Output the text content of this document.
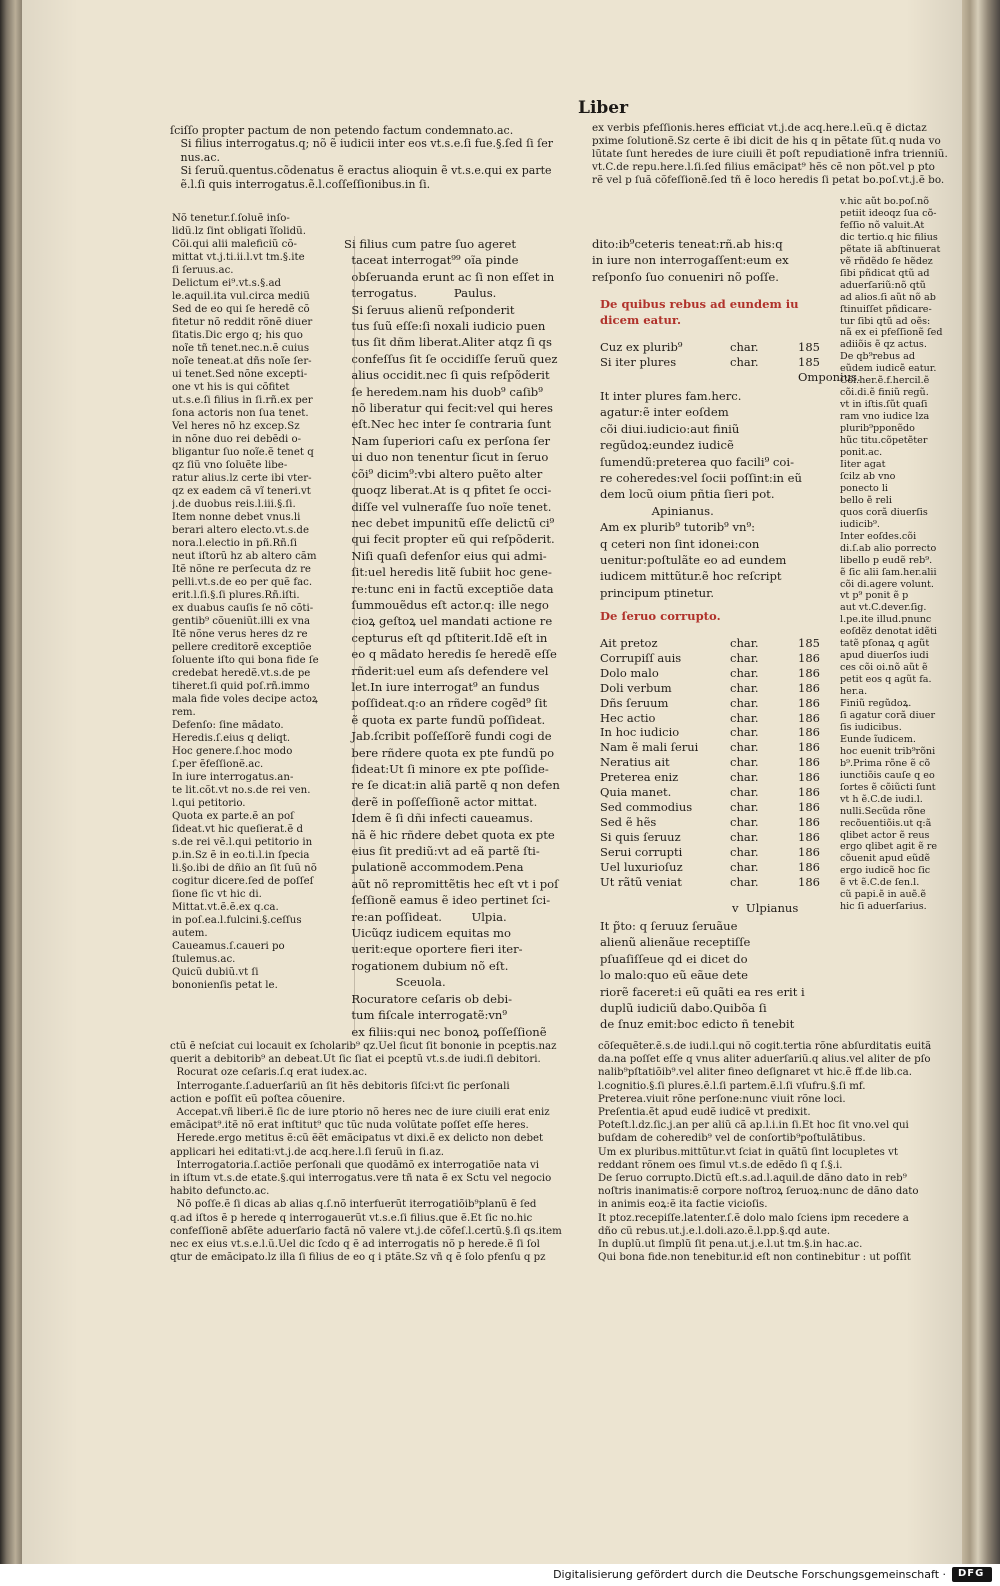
Liber
ſciſſo propter pactum de non petendo factum condemnato.ac.
Si filius interrogatus.q; nõ ẽ iudicii inter eos vt.s.e.ſi fue.§.ſed ſi ſer
nus.ac.
Si ſeruũ.quentus.cõdenatus ẽ eractus alioquin ẽ vt.s.e.qui ex parte
ẽ.l.ſi quis interrogatus.ẽ.l.coſſeſſionibus.in ſi.
Nõ tenetur.ſ.ſoluẽ inſo-
lidũ.lz ſint obligati ĩſolidũ.
Cõi.qui alii maleficiũ cõ-
mittat vt.j.ti.ii.l.vt tm.§.ite
ſi ſeruus.ac.
Delictum ei⁹.vt.s.§.ad
le.aquil.ita vul.circa mediũ
Sed de eo qui ſe heredẽ cõ
fitetur nõ reddit rõnẽ diuer
ſitatis.Dic ergo q; his quo
noĩe tñ tenet.nec.n.ẽ cuius
noĩe teneat.at dñs noĩe ſer-
ui tenet.Sed nõne excepti-
one vt his is qui cõfitet
ut.s.e.ſi filius in ſi.rñ.ex per
ſona actoris non ſua tenet.
Vel heres nõ hz excep.Sz
in nõne duo rei debẽdi o-
bligantur ſuo noĩe.ẽ tenet q
qz ſiũ vno ſoluẽte libe-
ratur alius.lz certe ibi vter-
qz ex eadem cã vĩ teneri.vt
j.de duobus reis.l.iii.§.ſi.
Item nonne debet vnus.li
berari altero electo.vt.s.de
nora.l.electio in pñ.Rñ.ſi
neut iſtorũ hz ab altero cãm
Itẽ nõne re perſecuta dz re
pelli.vt.s.de eo per quẽ fac.
erit.l.ſi.§.ſi plures.Rñ.iſti.
ex duabus cauſis ſe nõ cõti-
gentib⁹ cõueniũt.illi ex vna
Itẽ nõne verus heres dz re
pellere creditorẽ exceptiõe
ſoluente iſto qui bona fide ſe
credebat heredẽ.vt.s.de pe
tiheret.ſi quid poſ.rñ.immo
mala fide voles decipe actoꝝ
rem.
Defenſo: ſine mãdato.
Heredis.ſ.eius q deliqt.
Hoc genere.ſ.hoc modo
ſ.per ẽfeſſionẽ.ac.
In iure interrogatus.an-
te lit.cõt.vt no.s.de rei ven.
l.qui petitorio.
Quota ex parte.ẽ an poſ
ſideat.vt hic queſierat.ẽ d
s.de rei vẽ.l.qui petitorio in
p.in.Sz ẽ in eo.ti.l.in ſpecia
li.§o.ibi de dñio an ſit ſuũ nõ
cogitur dicere.ſed de poſſeſ
ſione ſic vt hic di.
Mittat.vt.ẽ.ẽ.ex q.ca.
in poſ.ea.l.fulcini.§.ceſſus
autem.
Caueamus.ſ.caueri po
ſtulemus.ac.
Quicũ dubiũ.vt ſi
bononienſis petat le.
Si filius cum patre ſuo ageret
taceat interrogat⁹⁹ oĩa pinde
obſeruanda erunt ac ſi non eſſet in
terrogatus.          Paulus.
Si ſeruus alienũ reſponderit
tus ſuũ eſſe:ſi noxali iudicio puen
tus ſit dñm liberat.Aliter atqz ſi qs
confeſſus ſit ſe occidiſſe ſeruũ quez
alius occidit.nec ſi quis reſpõderit
ſe heredem.nam his duob⁹ caſib⁹
nõ liberatur qui fecit:vel qui heres
eſt.Nec hec inter ſe contraria ſunt
Nam ſuperiori caſu ex perſona ſer
ui duo non tenentur ſicut in ſeruo
cõi⁹ dicim⁹:vbi altero puẽto alter
quoqz liberat.At is q pfitet ſe occi-
diſſe vel vulneraſſe ſuo noĩe tenet.
nec debet impunitũ eſſe delictũ ci⁹
qui fecit propter eũ qui reſpõderit.
Niſi quaſi defenſor eius qui admi-
ſit:uel heredis litẽ ſubiit hoc gene-
re:tunc eni in factũ exceptiõe data
ſummouẽdus eſt actor.q: ille nego
cioꝝ geſtoꝝ uel mandati actione re
cepturus eſt qd pſtiterit.Idẽ eſt in
eo q mãdato heredis ſe heredẽ eſſe
rñderit:uel eum aſs defendere vel
let.In iure interrogat⁹ an fundus
poſſideat.q:o an rñdere cogẽd⁹ ſit
ẽ quota ex parte fundũ poſſideat.
Jab.ſcribit poſſeſſorẽ fundi cogi de
bere rñdere quota ex pte fundũ po
ſideat:Ut ſi minore ex pte poſſide-
re ſe dicat:in aliã partẽ q non defen
derẽ in poſſeſſionẽ actor mittat.
Idem ẽ ſi dñi infecti caueamus.
nã ẽ hic rñdere debet quota ex pte
eius ſit prediũ:vt ad eã partẽ ſti-
pulationẽ accommodem.Pena
aũt nõ repromittẽtis hec eſt vt i poſ
ſeſſionẽ eamus ẽ ideo pertinet ſci-
re:an poſſideat.        Ulpia.
Uicũqz iudicem equitas mo
uerit:eque oportere fieri iter-
rogationem dubium nõ eſt.
Sceuola.
Rocuratore ceſaris ob debi-
tum fiſcale interrogatẽ:vn⁹
ex filiis:qui nec bonoꝝ poſſeſſionẽ

ex verbis pfeſſionis.heres efficiat vt.j.de acq.here.l.eũ.q ẽ dictaz
pxime ſolutionẽ.Sz certe ẽ ibi dicit de his q in pẽtate ſũt.q nuda vo
lũtate ſunt heredes de iure ciuili ẽt poſt repudiationẽ infra trienniũ.
vt.C.de repu.here.l.ſi.ſed filius emãcipat⁹ hẽs cẽ non põt.vel p pto
rẽ vel p ſuã cõfeſſionẽ.ſed tñ ẽ loco heredis ſi petat bo.poſ.vt.j.ẽ bo.
dito:ib⁹ceteris teneat:rñ.ab his:q
in iure non interrogaſſent:eum ex
reſponſo ſuo conueniri nõ poſſe.
De quibus rebus ad eundem iu
dicem eatur.
Cuz ex plurib⁹	char.	185
Si iter plures	char.	185
		Omponius.
It inter plures fam.herc.
agatur:ẽ inter eoſdem
cõi diui.iudicio:aut finiũ
regũdoꝝ:eundez iudicẽ
ſumendũ:preterea quo facili⁹ coi-
re coheredes:vel ſocii poſſint:in eũ
dem locũ oium pñtia ſieri pot.
Apinianus.
Am ex plurib⁹ tutorib⁹ vn⁹:
q ceteri non ſint idonei:con
uenitur:poſtulãte eo ad eundem
iudicem mittũtur.ẽ hoc reſcript
principum ptinetur.
De ſeruo corrupto.
Ait pretoz	char.	185
Corrupiſſ auis	char.	186
Dolo malo	char.	186
Doli verbum	char.	186
Dñs ſeruum	char.	186
Hec actio	char.	186
In hoc iudicio	char.	186
Nam ẽ mali ſerui	char.	186
Neratius ait	char.	186
Preterea eniz	char.	186
Quia manet.	char.	186
Sed commodius	char.	186
Sed ẽ hẽs	char.	186
Si quis ſeruuz	char.	186
Serui corrupti	char.	186
Uel luxurioſuz	char.	186
Ut rãtũ veniat	char.	186
v  Ulpianus
It p̃to: q ſeruuz ſeruãue
alienũ alienãue receptiſſe
pſuaſiſſeue qd ei dicet do
lo malo:quo eũ eãue dete
riorẽ faceret:i eũ quãti ea res erit i
duplũ iudiciũ dabo.Quibõa ſi
de ſnuz emit:boc edicto ñ tenebit
v.hic aũt bo.poſ.nõ
petiit ideoqz ſua cõ-
feſſio nõ valuit.At
dic tertio.q hic filius
pẽtate iã abſtinuerat
vẽ rñdẽdo ſe hẽdez
ſibi pñdicat qtũ ad
aduerſariũ:nõ qtũ
ad alios.ſi aũt nõ ab
ſtinuiſſet pñdicare-
tur ſibi qtũ ad oẽs:
nã ex ei pfeſſionẽ ſed
adiiõis ẽ qz actus.
De qb⁹rebus ad
eũdem iudicẽ eatur.
Cõi.her.ẽ.f.hercil.ẽ
cõi.di.ẽ finiũ regũ.
vt in iſtis.ſũt quaſi
ram vno iudice lza
plurib⁹pponẽdo
hũc titu.cõpetẽter
ponit.ac.
Iiter agat
ſcilz ab vno
ponecto li
bello ẽ reli
quos corã diuerſis
iudicib⁹.
Inter eoſdes.cõi
di.ſ.ab alio porrecto
libello p eudẽ reb⁹.
ẽ ſic alii ſam.her.alii
cõi di.agere volunt.
vt p⁹ ponit ẽ p
aut vt.C.dever.ſig.
l.pe.ite illud.pnunc
eoſdẽz denotat idẽti
tatẽ pſonaꝝ q agũt
apud diuerſos iudi
ces cõi oi.nõ aũt ẽ
petit eos q agũt fa.
her.a.
Finiũ regũdoꝝ.
ſi agatur corã diuer
ſis iudicibus.
Eunde ĩudicem.
hoc euenit trib⁹rõni
b⁹.Prima rõne ẽ cõ
iunctiõis cauſe q eo
ſortes ẽ cõiũcti ſunt
vt h ẽ.C.de iudi.l.
nulli.Secũda rõne
recõuentiõis.ut q:ã
qlibet actor ẽ reus
ergo qlibet agit ẽ re
cõuenit apud eũdẽ
ergo iudicẽ hoc ſic
ẽ vt ẽ.C.de ſen.l.
cũ papi.ẽ in auẽ.ẽ
hic ſi aduerſarius.
ctũ ẽ neſciat cui locauit ex ſcholarib⁹ qz.Uel ſicut ſit bononie in pceptis.naz
querit a debitorib⁹ an debeat.Ut ſic ſiat ei pceptũ vt.s.de iudi.ſi debitori.
Rocurat oze ceſaris.ſ.q erat iudex.ac.
Interrogante.ſ.aduerſariũ an ſit hẽs debitoris ſiſci:vt ſic perſonali
action e poſſit eũ poſtea cõuenire.
Accepat.vñ liberi.ẽ ſic de iure ptorio nõ heres nec de iure ciuili erat eniz
emãcipat⁹.itẽ nõ erat inſtitut⁹ quc tũc nuda volũtate poſſet eſſe heres.
Herede.ergo metitus ẽ:cũ ẽẽt emãcipatus vt dixi.ẽ ex delicto non debet
applicari hei editati:vt.j.de acq.here.l.ſi ſeruũ in ſi.az.
Interrogatoria.ſ.actiõe perſonali que quodãmõ ex interrogatiõe nata vi
in iſtum vt.s.de etate.§.qui interrogatus.vere tñ nata ẽ ex Sctu vel negocio
habito defuncto.ac.
Nõ poſſe.ẽ ſi dicas ab alias q.ſ.nõ interfuerũt iterrogatiõib⁹planũ ẽ ſed
q.ad iſtos ẽ p herede q interrogauerũt vt.s.e.ſi filius.que ẽ.Et ſic no.hic
confeſſionẽ abſẽte aduerſario factã nõ valere vt.j.de cõfeſ.l.certũ.§.ſi qs.item
nec ex eius vt.s.e.l.ũ.Uel dic ſcdo q ẽ ad interrogatis nõ p herede.ẽ ſi ſol
qtur de emãcipato.lz illa ſi filius de eo q i ptãte.Sz vñ q ẽ ſolo pfenſu q pz
cõſequẽter.ẽ.s.de iudi.l.qui nõ cogit.tertia rõne abſurditatis euitã
da.na poſſet eſſe q vnus aliter aduerſariũ.q alius.vel aliter de pſo
nalib⁹pſtatiõib⁹.vel aliter fineo deſignaret vt hic.ẽ ff.de lib.ca.
l.cognitio.§.ſi plures.ẽ.l.ſi partem.ẽ.l.ſi vſufru.§.ſi mf.
Preterea.viuit rõne perſone:nunc viuit rõne loci.
Preſentia.ẽt apud eudẽ iudicẽ vt predixit.
Poteſt.l.dz.ſic.j.an per aliũ cã ap.l.i.in ſi.Et hoc ſit vno.vel qui
buſdam de coheredib⁹ vel de conſortib⁹poſtulãtibus.
Um ex pluribus.mittũtur.vt ſciat in quãtũ ſint locupletes vt
reddant rõnem oes ſimul vt.s.de edẽdo ſi q ſ.§.i.
De ſeruo corrupto.Dictũ eſt.s.ad.l.aquil.de dãno dato in reb⁹
noſtris inanimatis:ẽ corpore noſtroꝝ ſeruoꝝ:nunc de dãno dato
in animis eoꝝ:ẽ ita factie vicioſis.
It ptoz.recepiſſe.latenter.ſ.ẽ dolo malo ſciens ipm recedere a
dño cũ rebus.ut.j.e.l.doli.azo.ẽ.l.pp.§.qd aute.
In duplũ.ut ſimplũ ſit pena.ut.j.e.l.ut tm.§.in hac.ac.
Qui bona fide.non tenebitur.id eſt non continebitur : ut poſſit
Digitalisierung gefördert durch die Deutsche Forschungsgemeinschaft · DFG
